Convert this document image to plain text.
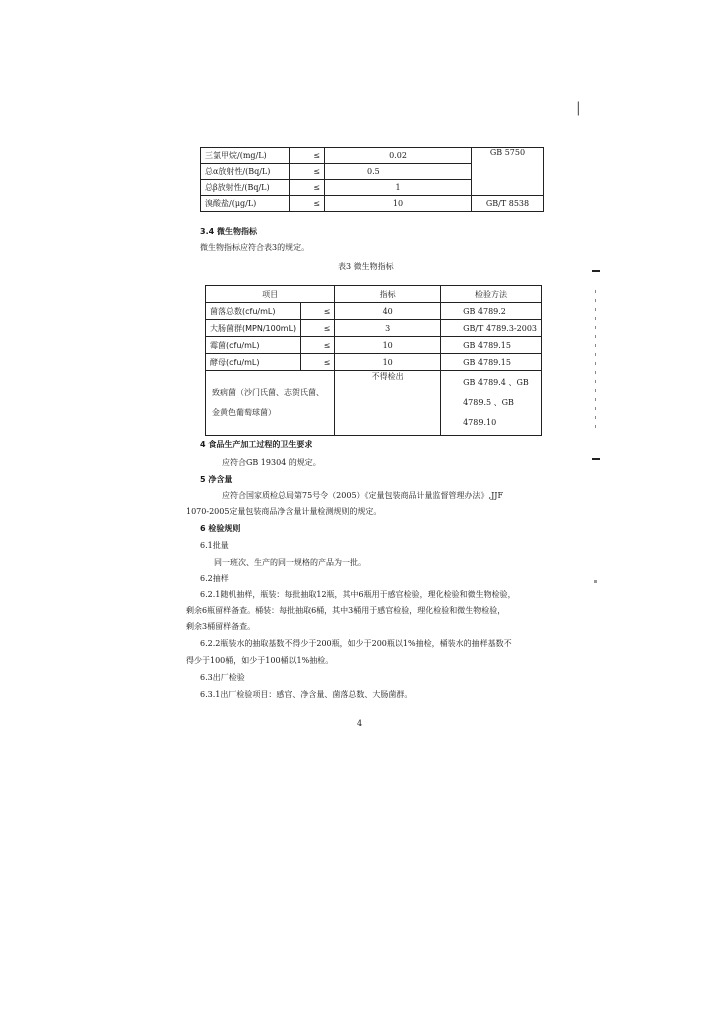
|
三氯甲烷/(mg/L)	≤	0.02	GB 5750
总α放射性/(Bq/L)	≤	0.5	
总β放射性/(Bq/L)	≤	1	
溴酸盐/(μg/L)	≤	10	GB/T 8538
3.4 微生物指标
微生物指标应符合表3的规定。
表3 微生物指标
项目		指标	检验方法
菌落总数(cfu/mL)	≤	40	GB 4789.2
大肠菌群(MPN/100mL)	≤	3	GB/T 4789.3-2003
霉菌(cfu/mL)	≤	10	GB 4789.15
酵母(cfu/mL)	≤	10	GB 4789.15
致病菌（沙门氏菌、志贺氏菌、金黄色葡萄球菌）		不得检出	GB 4789.4 、GB 4789.5 、GB 4789.10
4 食品生产加工过程的卫生要求
应符合GB 19304 的规定。
5 净含量
应符合国家质检总局第75号令（2005）《定量包装商品计量监督管理办法》,JJF
1070-2005定量包装商品净含量计量检测规则的规定。
6 检验规则
6.1批量
同一班次、生产的同一规格的产品为一批。
6.2抽样
6.2.1随机抽样，瓶装：每批抽取12瓶，其中6瓶用于感官检验，理化检验和微生物检验，
剩余6瓶留样备查。桶装：每批抽取6桶，其中3桶用于感官检验，理化检验和微生物检验，
剩余3桶留样备查。
6.2.2瓶装水的抽取基数不得少于200瓶，如少于200瓶以1%抽检，桶装水的抽样基数不
得少于100桶，如少于100桶以1%抽检。
6.3出厂检验
6.3.1出厂检验项目：感官、净含量、菌落总数、大肠菌群。
4
